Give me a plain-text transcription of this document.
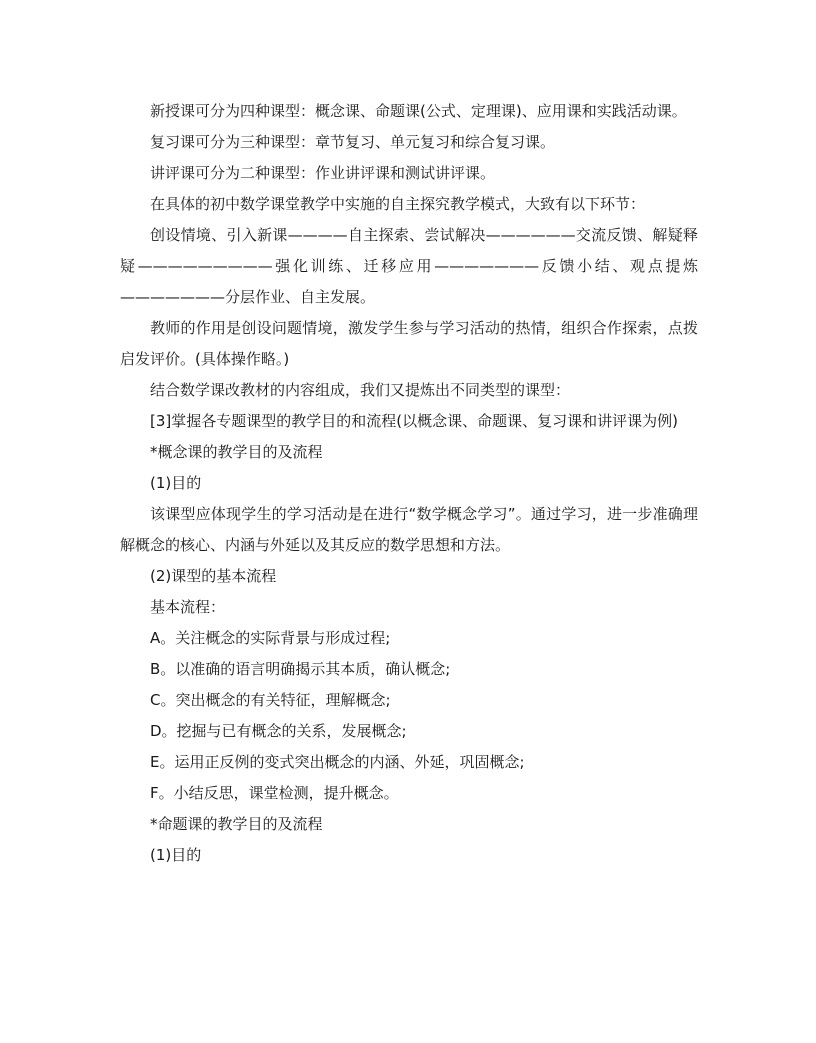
新授课可分为四种课型：概念课、命题课(公式、定理课)、应用课和实践活动课。

复习课可分为三种课型：章节复习、单元复习和综合复习课。

讲评课可分为二种课型：作业讲评课和测试讲评课。

在具体的初中数学课堂教学中实施的自主探究教学模式，大致有以下环节：

创设情境、引入新课————自主探索、尝试解决——————交流反馈、解疑释疑—————————强化训练、迁移应用———————反馈小结、观点提炼———————分层作业、自主发展。

教师的作用是创设问题情境，激发学生参与学习活动的热情，组织合作探索，点拨启发评价。(具体操作略。)

结合数学课改教材的内容组成，我们又提炼出不同类型的课型：

[3]掌握各专题课型的教学目的和流程(以概念课、命题课、复习课和讲评课为例)

*概念课的教学目的及流程

(1)目的

该课型应体现学生的学习活动是在进行“数学概念学习”。通过学习，进一步准确理解概念的核心、内涵与外延以及其反应的数学思想和方法。

(2)课型的基本流程

基本流程：

A。关注概念的实际背景与形成过程;

B。以准确的语言明确揭示其本质，确认概念;

C。突出概念的有关特征，理解概念;

D。挖掘与已有概念的关系，发展概念;

E。运用正反例的变式突出概念的内涵、外延，巩固概念;

F。小结反思，课堂检测，提升概念。

*命题课的教学目的及流程

(1)目的
